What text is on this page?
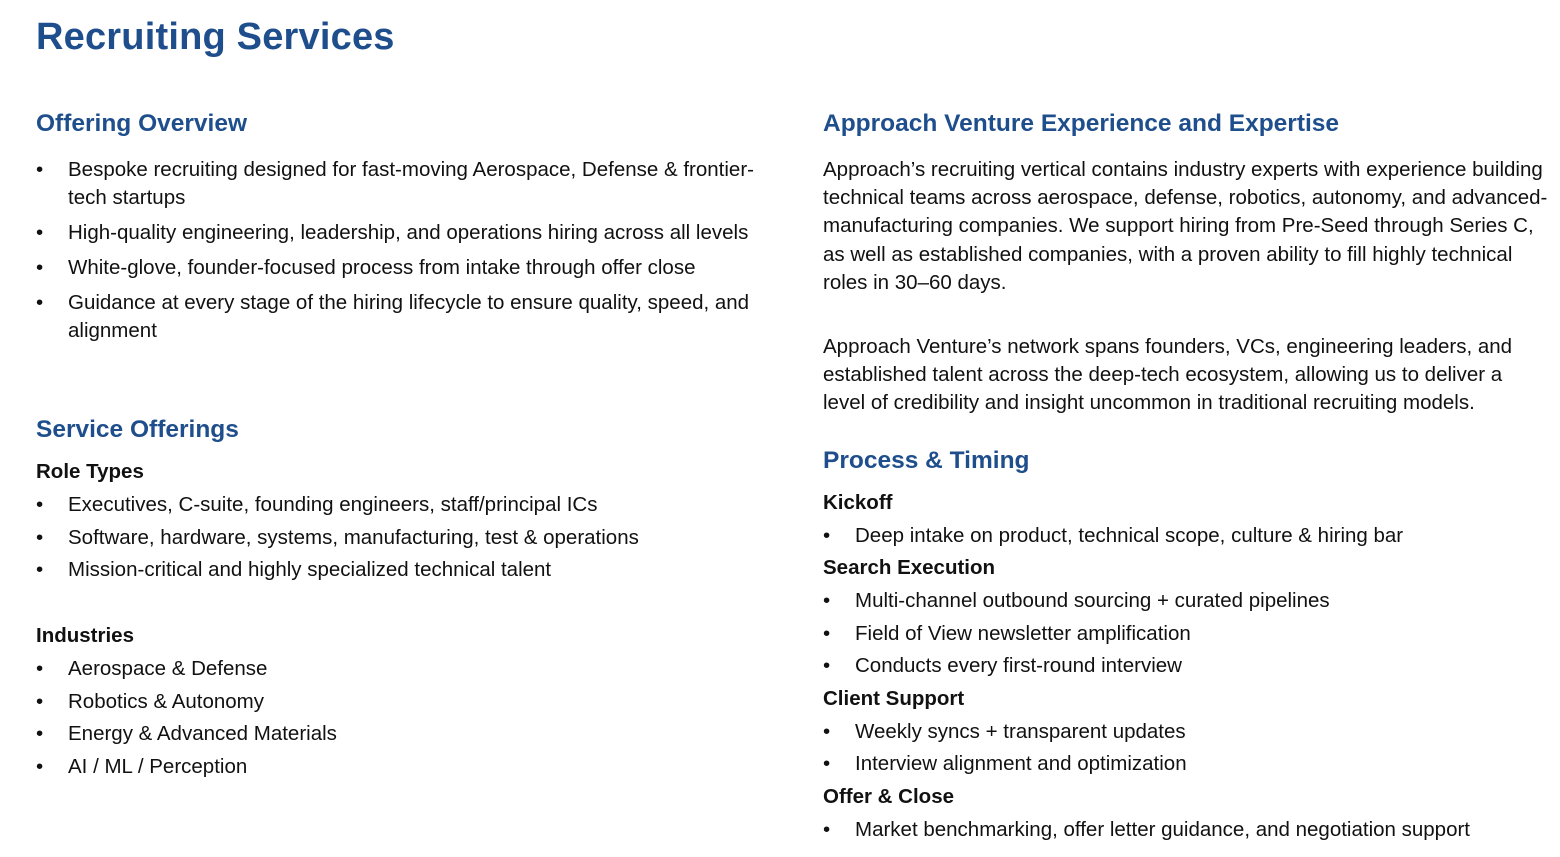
Recruiting Services
Offering Overview
• Bespoke recruiting designed for fast-moving Aerospace, Defense & frontier-tech startups
• High-quality engineering, leadership, and operations hiring across all levels
• White-glove, founder-focused process from intake through offer close
• Guidance at every stage of the hiring lifecycle to ensure quality, speed, and alignment
Service Offerings
Role Types
• Executives, C-suite, founding engineers, staff/principal ICs
• Software, hardware, systems, manufacturing, test & operations
• Mission-critical and highly specialized technical talent
Industries
• Aerospace & Defense
• Robotics & Autonomy
• Energy & Advanced Materials
• AI / ML / Perception
Approach Venture Experience and Expertise

Approach’s recruiting vertical contains industry experts with experience building technical teams across aerospace, defense, robotics, autonomy, and advanced-manufacturing companies. We support hiring from Pre-Seed through Series C, as well as established companies, with a proven ability to fill highly technical roles in 30–60 days.

Approach Venture’s network spans founders, VCs, engineering leaders, and established talent across the deep-tech ecosystem, allowing us to deliver a level of credibility and insight uncommon in traditional recruiting models.

Process & Timing
Kickoff
• Deep intake on product, technical scope, culture & hiring bar
Search Execution
• Multi-channel outbound sourcing + curated pipelines
• Field of View newsletter amplification
• Conducts every first-round interview
Client Support
• Weekly syncs + transparent updates
• Interview alignment and optimization
Offer & Close
• Market benchmarking, offer letter guidance, and negotiation support
